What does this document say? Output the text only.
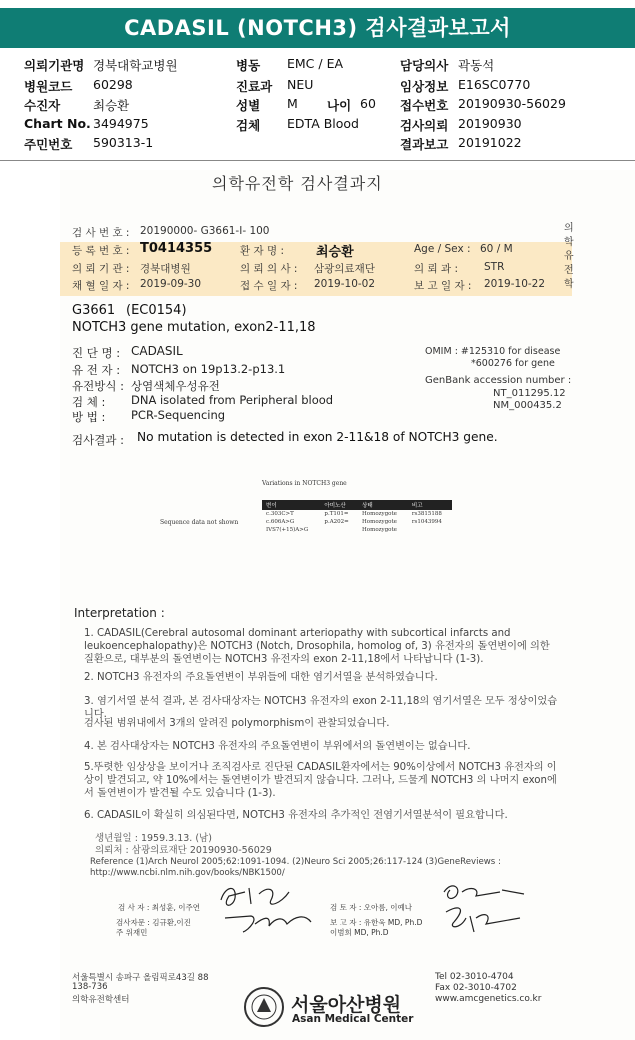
CADASIL (NOTCH3) 검사결과보고서
의뢰기관명 경북대학교병원
병원코드 60298
수진자	최승환
Chart No. 3494975
주민번호 590313-1
병동 EMC / EA
진료과 NEU
성별 M 나이 60
검체 EDTA Blood
담당의사 곽동석
임상정보 E16SC0770
접수번호 20190930-56029
검사의뢰 20190930
결과보고 20191022
의학유전학 검사결과지
의학유전학
검 사 번 호 : 20190000- G3661-I- 100
등 록 번 호 : T0414355	환 자 명 : 최승환	Age / Sex : 60 / M
의 뢰 기 관 : 경북대병원	의 뢰 의 사 : 삼광의료재단	의 뢰 과 : STR
채 혈 일 자 : 2019-09-30	접 수 일 자 : 2019-10-02	보 고 일 자 : 2019-10-22
G3661 (EC0154)
NOTCH3 gene mutation, exon2-11,18
진 단 명 : CADASIL
유 전 자 : NOTCH3 on 19p13.2-p13.1
유전방식 : 상염색체우성유전
검 체 : DNA isolated from Peripheral blood
방 법 : PCR-Sequencing
OMIM : #125310 for disease
*600276 for gene
GenBank accession number :
NT_011295.12
NM_000435.2
검사결과 : No mutation is detected in exon 2-11&18 of NOTCH3 gene.
Variations in NOTCH3 gene
Sequence data not shown
변이	아미노산	상태	비고
c.303C>T	p.T101=	Homozygote	rs3815188
c.606A>G	p.A202=	Homozygote	rs1043994
IVS7(+15)A>G		Homozygote	
Interpretation :
1. CADASIL(Cerebral autosomal dominant arteriopathy with subcortical infarcts and leukoencephalopathy)은 NOTCH3 (Notch, Drosophila, homolog of, 3) 유전자의 돌연변이에 의한 질환으로, 대부분의 돌연변이는 NOTCH3 유전자의 exon 2-11,18에서 나타납니다 (1-3).
2. NOTCH3 유전자의 주요돌연변이 부위들에 대한 염기서열을 분석하였습니다.
3. 염기서열 분석 결과, 본 검사대상자는 NOTCH3 유전자의 exon 2-11,18의 염기서열은 모두 정상이었습니다.
검사된 범위내에서 3개의 알려진 polymorphism이 관찰되었습니다.
4. 본 검사대상자는 NOTCH3 유전자의 주요돌연변이 부위에서의 돌연변이는 없습니다.
5.뚜렷한 임상상을 보이거나 조직검사로 진단된 CADASIL환자에서는 90%이상에서 NOTCH3 유전자의 이상이 발견되고, 약 10%에서는 돌연변이가 발견되지 않습니다. 그러나, 드물게 NOTCH3 의 나머지 exon에서 돌연변이가 발견될 수도 있습니다 (1-3).
6. CADASIL이 확실히 의심된다면, NOTCH3 유전자의 추가적인 전염기서열분석이 필요합니다.
생년월일 : 1959.3.13. (남)
의뢰처 : 삼광의료재단 20190930-56029
Reference (1)Arch Neurol 2005;62:1091-1094. (2)Neuro Sci 2005;26:117-124 (3)GeneReviews : http://www.ncbi.nlm.nih.gov/books/NBK1500/
검 사 자 : 최성훈, 이주연	검 토 자 : 오아름, 이예나
검사자문 : 김규환,이진주 위재민
보 고 자 : 유한욱 MD, Ph.D 이범희 MD, Ph.D
서울특별시 송파구 올림픽로43길 88
138-736
의학유전학센터	서울아산병원
Asan Medical Center
Tel 02-3010-4704
Fax 02-3010-4702
www.amcgenetics.co.kr
